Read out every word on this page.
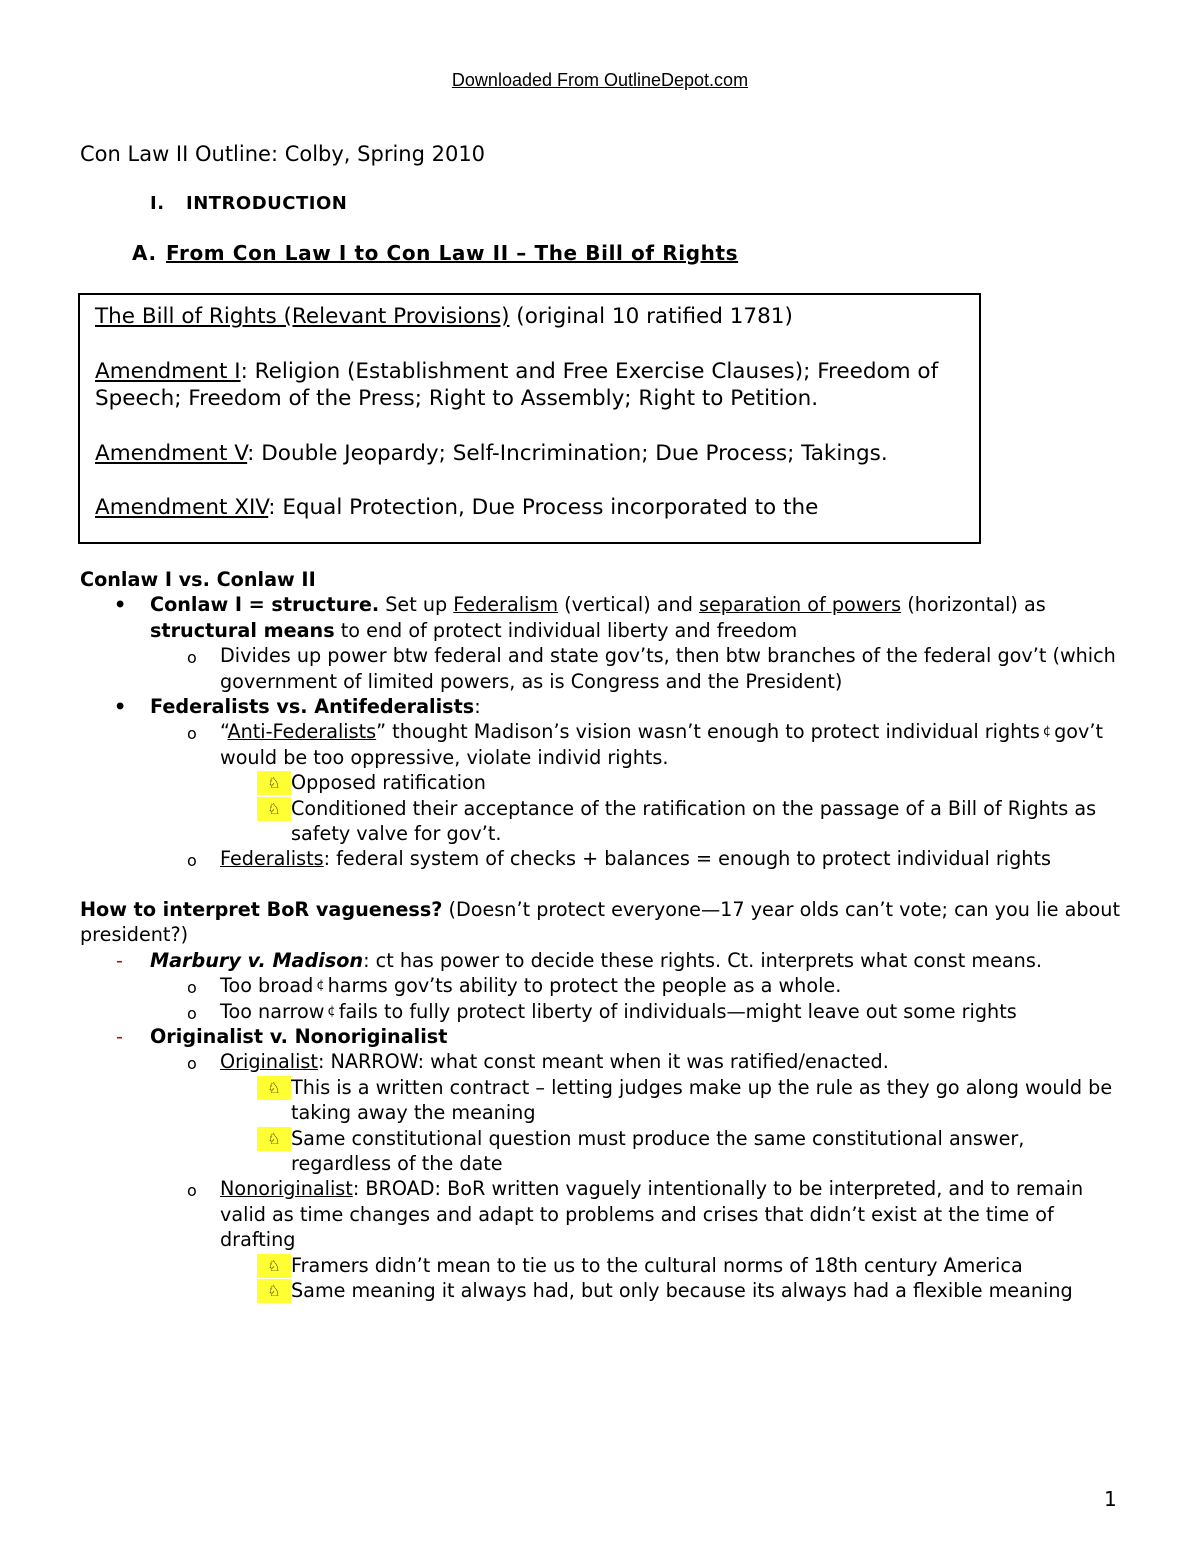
Downloaded From OutlineDepot.com
Con Law II Outline: Colby, Spring 2010
I. INTRODUCTION
A. From Con Law I to Con Law II – The Bill of Rights

The Bill of Rights (Relevant Provisions) (original 10 ratified 1781)

Amendment I: Religion (Establishment and Free Exercise Clauses); Freedom of Speech; Freedom of the Press; Right to Assembly; Right to Petition.

Amendment V: Double Jeopardy; Self-Incrimination; Due Process; Takings.

Amendment XIV: Equal Protection, Due Process incorporated to the

Conlaw I vs. Conlaw II
• Conlaw I = structure. Set up Federalism (vertical) and separation of powers (horizontal) as structural means to end of protect individual liberty and freedom
o Divides up power btw federal and state gov’ts, then btw branches of the federal gov’t (which government of limited powers, as is Congress and the President)
• Federalists vs. Antifederalists:
o “Anti-Federalists” thought Madison’s vision wasn’t enough to protect individual rights ¢ gov’t would be too oppressive, violate individ rights.
♘ Opposed ratification
♘ Conditioned their acceptance of the ratification on the passage of a Bill of Rights as safety valve for gov’t.
o Federalists: federal system of checks + balances = enough to protect individual rights
How to interpret BoR vagueness? (Doesn’t protect everyone—17 year olds can’t vote; can you lie about president?)
- Marbury v. Madison: ct has power to decide these rights. Ct. interprets what const means.
o Too broad ¢ harms gov’ts ability to protect the people as a whole.
o Too narrow ¢ fails to fully protect liberty of individuals—might leave out some rights
- Originalist v. Nonoriginalist
o Originalist: NARROW: what const meant when it was ratified/enacted.
♘ This is a written contract – letting judges make up the rule as they go along would be taking away the meaning
♘ Same constitutional question must produce the same constitutional answer, regardless of the date
o Nonoriginalist: BROAD: BoR written vaguely intentionally to be interpreted, and to remain valid as time changes and adapt to problems and crises that didn’t exist at the time of drafting
♘ Framers didn’t mean to tie us to the cultural norms of 18th century America
♘ Same meaning it always had, but only because its always had a flexible meaning
1
